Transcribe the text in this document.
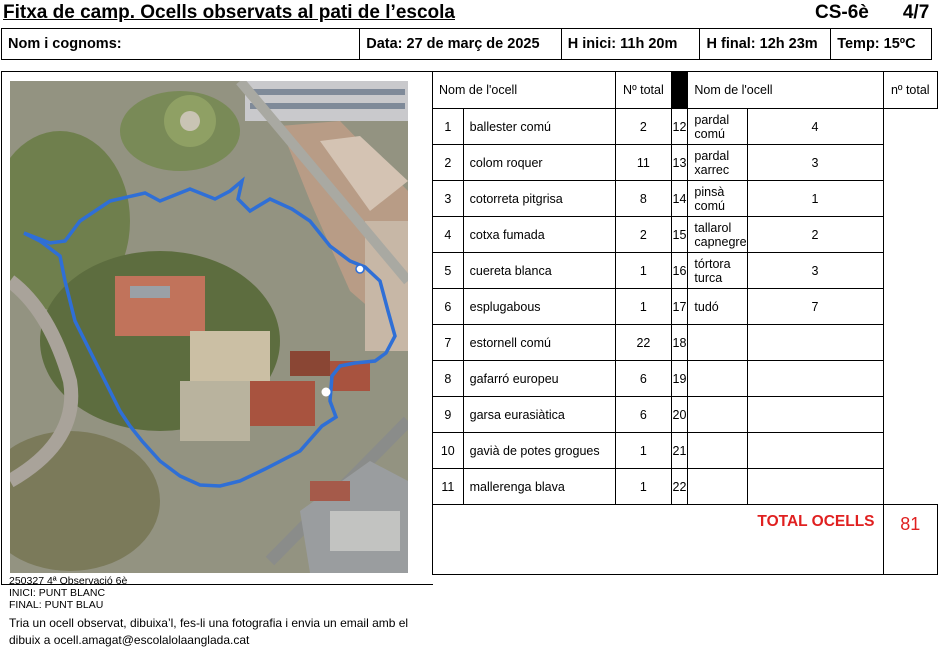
Fitxa de camp. Ocells observats al pati de l’escola	CS-6è 4/7
Nom i cognoms:	Data: 27 de març de 2025	H inici: 11h 20m	H final: 12h 23m	Temp: 15ºC
250327 4ª Observació 6è
INICI: PUNT BLANC
FINAL: PUNT BLAU
Tria un ocell observat, dibuixa’l, fes-li una fotografia i envia un email amb el dibuix a ocell.amagat@escolalolaanglada.cat
Nom de l'ocell		Nº total		Nom de l'ocell		nº total
1	ballester comú	2	12	pardal comú	4	
2	colom roquer	11	13	pardal xarrec	3	
3	cotorreta pitgrisa	8	14	pinsà comú	1	
4	cotxa fumada	2	15	tallarol capnegre	2	
5	cuereta blanca	1	16	tórtora turca	3	
6	esplugabous	1	17	tudó	7	
7	estornell comú	22	18			
8	gafarró europeu	6	19			
9	garsa eurasiàtica	6	20			
10	gavià de potes grogues	1	21			
11	mallerenga blava	1	22			
TOTAL OCELLS						81
